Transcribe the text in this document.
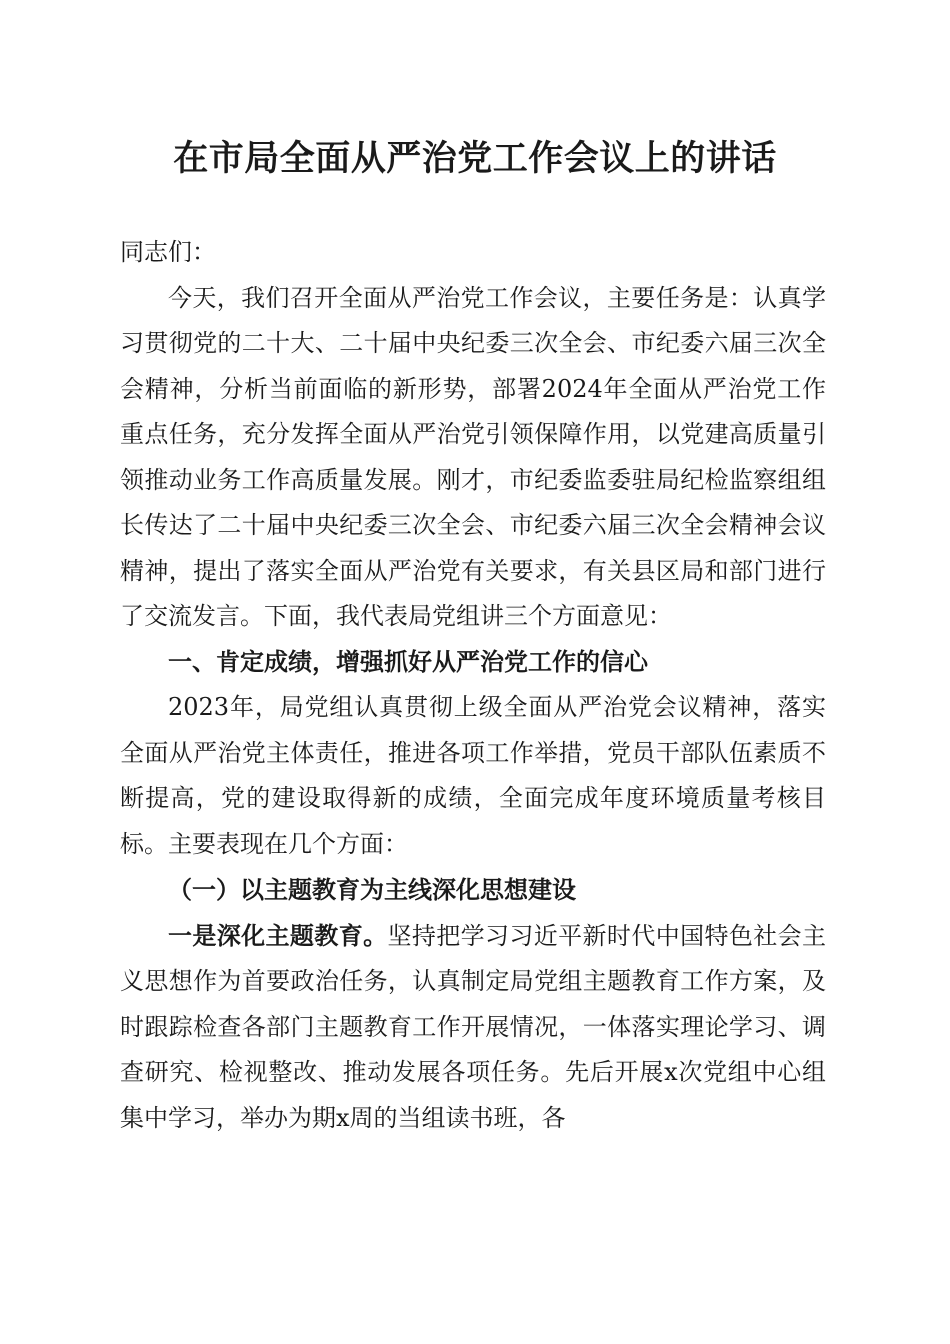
在市局全面从严治党工作会议上的讲话

同志们：

今天，我们召开全面从严治党工作会议，主要任务是：认真学习贯彻党的二十大、二十届中央纪委三次全会、市纪委六届三次全会精神，分析当前面临的新形势，部署2024年全面从严治党工作重点任务，充分发挥全面从严治党引领保障作用，以党建高质量引领推动业务工作高质量发展。刚才，市纪委监委驻局纪检监察组组长传达了二十届中央纪委三次全会、市纪委六届三次全会精神会议精神，提出了落实全面从严治党有关要求，有关县区局和部门进行了交流发言。下面，我代表局党组讲三个方面意见：

一、肯定成绩，增强抓好从严治党工作的信心

2023年，局党组认真贯彻上级全面从严治党会议精神，落实全面从严治党主体责任，推进各项工作举措，党员干部队伍素质不断提高，党的建设取得新的成绩，全面完成年度环境质量考核目标。主要表现在几个方面：

（一）以主题教育为主线深化思想建设

一是深化主题教育。坚持把学习习近平新时代中国特色社会主义思想作为首要政治任务，认真制定局党组主题教育工作方案，及时跟踪检查各部门主题教育工作开展情况，一体落实理论学习、调查研究、检视整改、推动发展各项任务。先后开展x次党组中心组集中学习，举办为期x周的当组读书班，各
